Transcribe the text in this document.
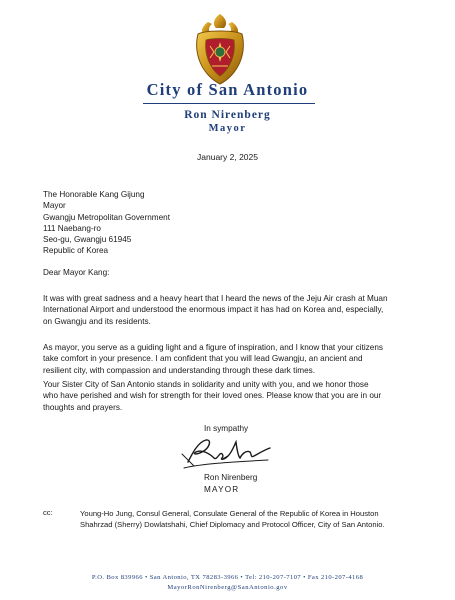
City of San Antonio
Ron Nirenberg
Mayor
January 2, 2025
The Honorable Kang Gijung
Mayor
Gwangju Metropolitan Government
111 Naebang-ro
Seo-gu, Gwangju 61945
Republic of Korea
Dear Mayor Kang:
It was with great sadness and a heavy heart that I heard the news of the Jeju Air crash at Muan
International Airport and understood the enormous impact it has had on Korea and, especially,
on Gwangju and its residents.
As mayor, you serve as a guiding light and a figure of inspiration, and I know that your citizens
take comfort in your presence. I am confident that you will lead Gwangju, an ancient and
resilient city, with compassion and understanding through these dark times.
Your Sister City of San Antonio stands in solidarity and unity with you, and we honor those
who have perished and wish for strength for their loved ones. Please know that you are in our
thoughts and prayers.
In sympathy
Ron Nirenberg
MAYOR
cc:	Young-Ho Jung, Consul General, Consulate General of the Republic of Korea in Houston
Shahrzad (Sherry) Dowlatshahi, Chief Diplomacy and Protocol Officer, City of San Antonio.
P.O. Box 839966 • San Antonio, TX 78283-3966 • Tel: 210-207-7107 • Fax 210-207-4168
MayorRonNirenberg@SanAntonio.gov
